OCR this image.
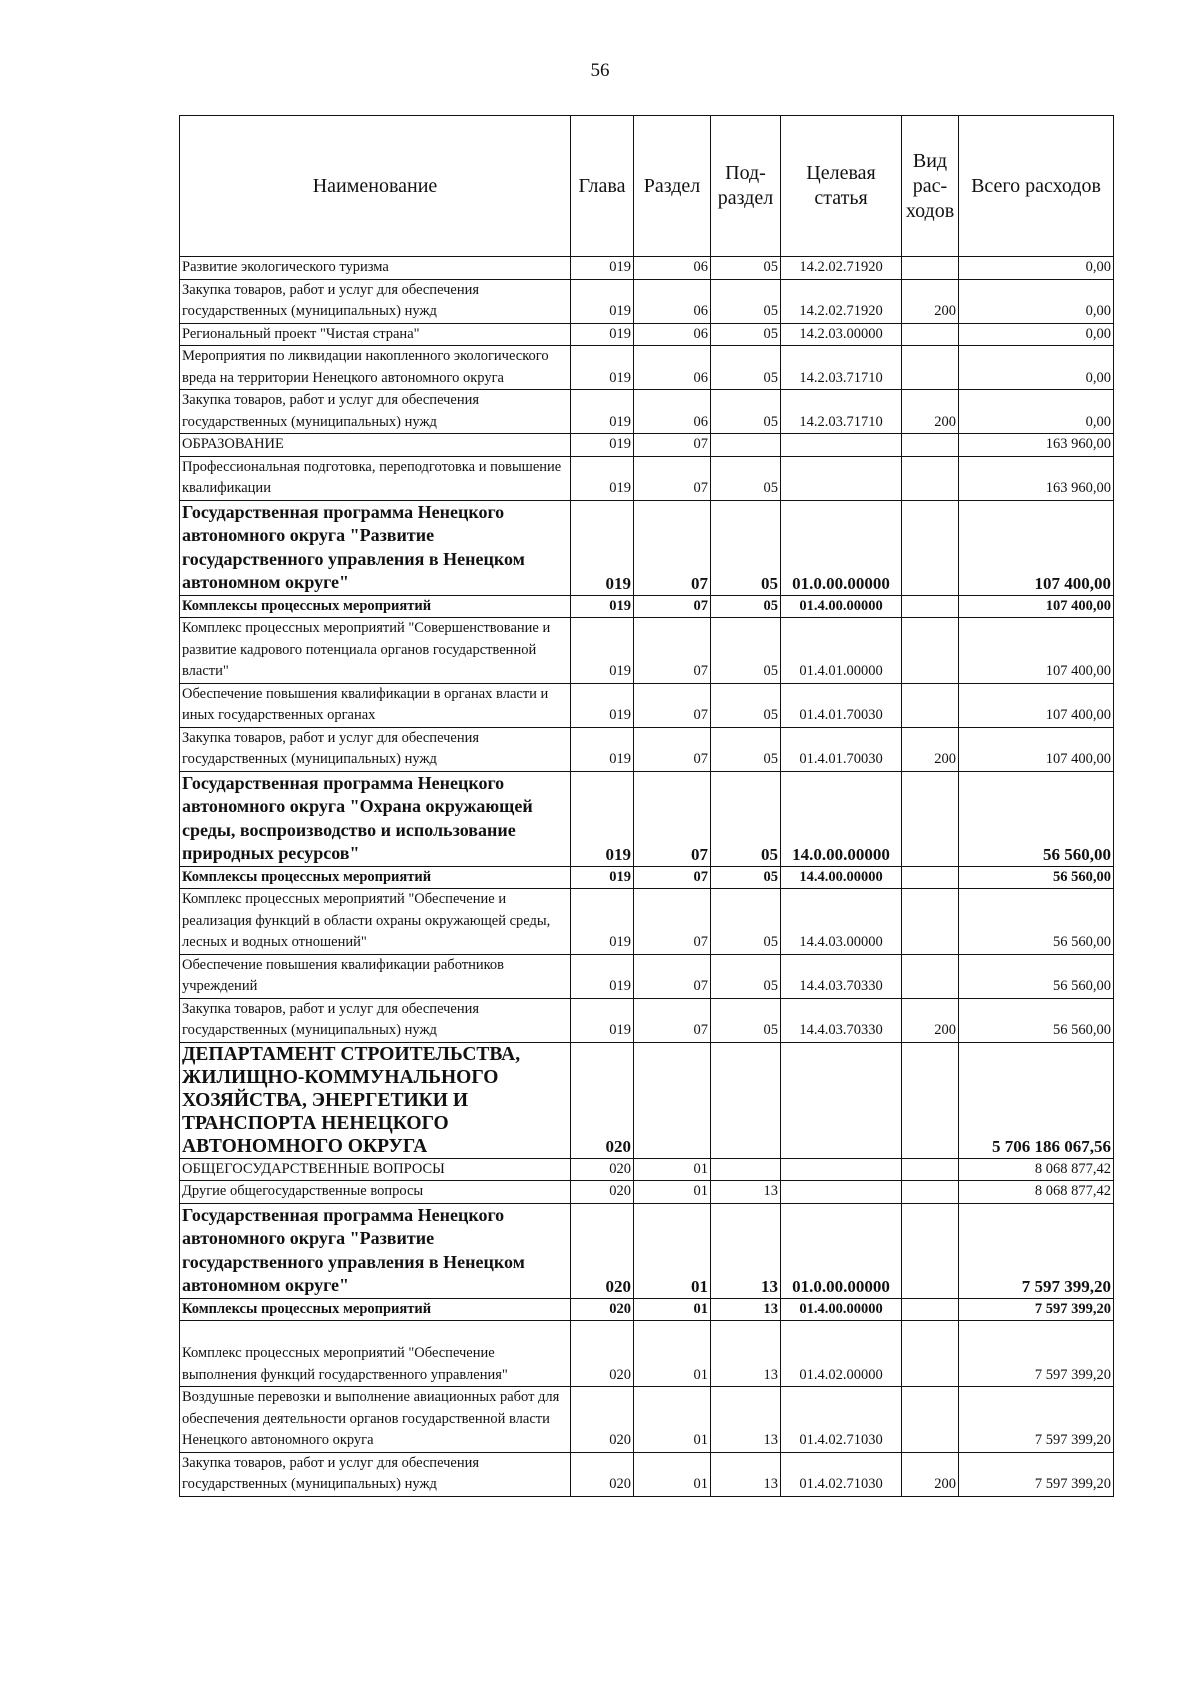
56
Наименование	Глава	Раздел	Под-раздел	Целевая статья	Вид рас-ходов	Всего расходов
Развитие экологического туризма	019	06	05	14.2.02.71920		0,00
Закупка товаров, работ и услуг для обеспечения государственных (муниципальных) нужд	019	06	05	14.2.02.71920	200	0,00
Региональный проект "Чистая страна"	019	06	05	14.2.03.00000		0,00
Мероприятия по ликвидации накопленного экологического вреда на территории Ненецкого автономного округа	019	06	05	14.2.03.71710		0,00
Закупка товаров, работ и услуг для обеспечения государственных (муниципальных) нужд	019	06	05	14.2.03.71710	200	0,00
ОБРАЗОВАНИЕ	019	07				163 960,00
Профессиональная подготовка, переподготовка и повышение квалификации	019	07	05			163 960,00
Государственная программа Ненецкого автономного округа "Развитие государственного управления в Ненецком автономном округе"	019	07	05	01.0.00.00000		107 400,00
Комплексы процессных мероприятий	019	07	05	01.4.00.00000		107 400,00
Комплекс процессных мероприятий "Совершенствование и развитие кадрового потенциала органов государственной власти"	019	07	05	01.4.01.00000		107 400,00
Обеспечение повышения квалификации в органах власти и иных государственных органах	019	07	05	01.4.01.70030		107 400,00
Закупка товаров, работ и услуг для обеспечения государственных (муниципальных) нужд	019	07	05	01.4.01.70030	200	107 400,00
Государственная программа Ненецкого автономного округа "Охрана окружающей среды, воспроизводство и использование природных ресурсов"	019	07	05	14.0.00.00000		56 560,00
Комплексы процессных мероприятий	019	07	05	14.4.00.00000		56 560,00
Комплекс процессных мероприятий "Обеспечение и реализация функций в области охраны окружающей среды, лесных и водных отношений"	019	07	05	14.4.03.00000		56 560,00
Обеспечение повышения квалификации работников учреждений	019	07	05	14.4.03.70330		56 560,00
Закупка товаров, работ и услуг для обеспечения государственных (муниципальных) нужд	019	07	05	14.4.03.70330	200	56 560,00
ДЕПАРТАМЕНТ СТРОИТЕЛЬСТВА, ЖИЛИЩНО-КОММУНАЛЬНОГО ХОЗЯЙСТВА, ЭНЕРГЕТИКИ И ТРАНСПОРТА НЕНЕЦКОГО АВТОНОМНОГО ОКРУГА	020					5 706 186 067,56
ОБЩЕГОСУДАРСТВЕННЫЕ ВОПРОСЫ	020	01				8 068 877,42
Другие общегосударственные вопросы	020	01	13			8 068 877,42
Государственная программа Ненецкого автономного округа "Развитие государственного управления в Ненецком автономном округе"	020	01	13	01.0.00.00000		7 597 399,20
Комплексы процессных мероприятий	020	01	13	01.4.00.00000		7 597 399,20
Комплекс процессных мероприятий "Обеспечение выполнения функций государственного управления"	020	01	13	01.4.02.00000		7 597 399,20
Воздушные перевозки и выполнение авиационных работ для обеспечения деятельности органов государственной власти Ненецкого автономного округа	020	01	13	01.4.02.71030		7 597 399,20
Закупка товаров, работ и услуг для обеспечения государственных (муниципальных) нужд	020	01	13	01.4.02.71030	200	7 597 399,20
